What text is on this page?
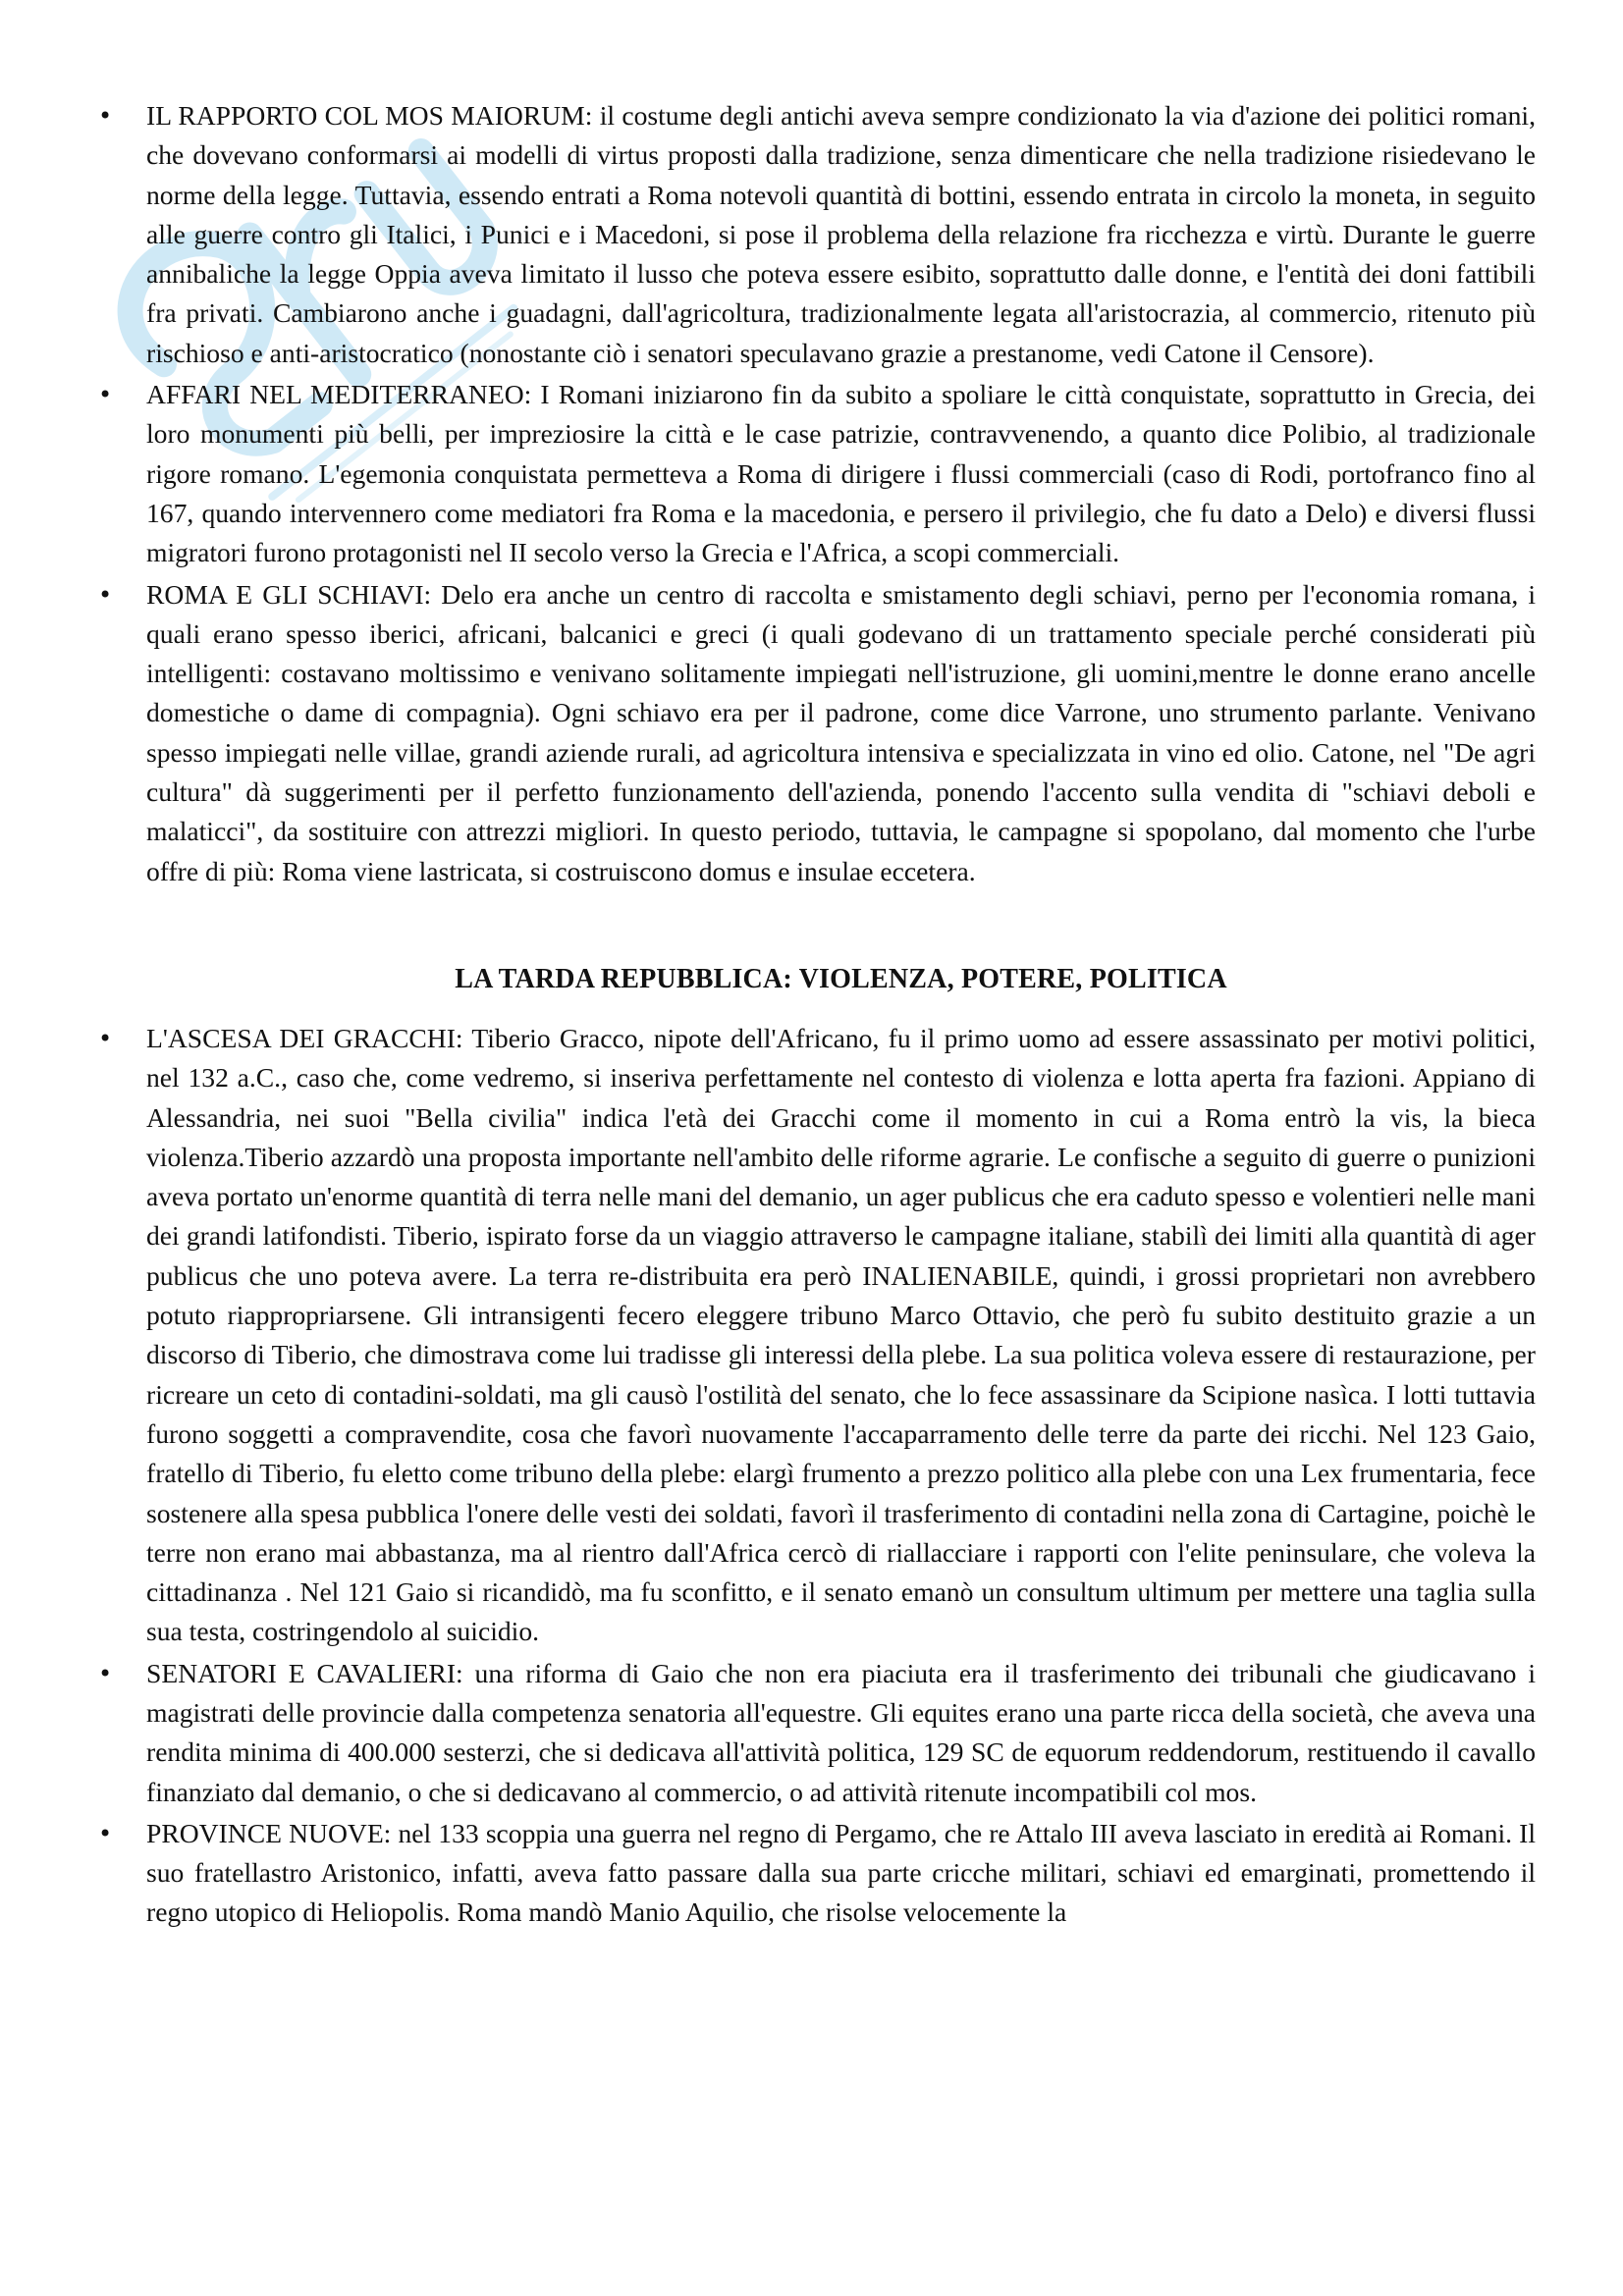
• IL RAPPORTO COL MOS MAIORUM: il costume degli antichi aveva sempre condizionato la via d'azione dei politici romani, che dovevano conformarsi ai modelli di virtus proposti dalla tradizione, senza dimenticare che nella tradizione risiedevano le norme della legge. Tuttavia, essendo entrati a Roma notevoli quantità di bottini, essendo entrata in circolo la moneta, in seguito alle guerre contro gli Italici, i Punici e i Macedoni, si pose il problema della relazione fra ricchezza e virtù. Durante le guerre annibaliche la legge Oppia aveva limitato il lusso che poteva essere esibito, soprattutto dalle donne, e l'entità dei doni fattibili fra privati. Cambiarono anche i guadagni, dall'agricoltura, tradizionalmente legata all'aristocrazia, al commercio, ritenuto più rischioso e anti-aristocratico (nonostante ciò i senatori speculavano grazie a prestanome, vedi Catone il Censore).
• AFFARI NEL MEDITERRANEO: I Romani iniziarono fin da subito a spoliare le città conquistate, soprattutto in Grecia, dei loro monumenti più belli, per impreziosire la città e le case patrizie, contravvenendo, a quanto dice Polibio, al tradizionale rigore romano. L'egemonia conquistata permetteva a Roma di dirigere i flussi commerciali (caso di Rodi, portofranco fino al 167, quando intervennero come mediatori fra Roma e la macedonia, e persero il privilegio, che fu dato a Delo) e diversi flussi migratori furono protagonisti nel II secolo verso la Grecia e l'Africa, a scopi commerciali.
• ROMA E GLI SCHIAVI: Delo era anche un centro di raccolta e smistamento degli schiavi, perno per l'economia romana, i quali erano spesso iberici, africani, balcanici e greci (i quali godevano di un trattamento speciale perché considerati più intelligenti: costavano moltissimo e venivano solitamente impiegati nell'istruzione, gli uomini,mentre le donne erano ancelle domestiche o dame di compagnia). Ogni schiavo era per il padrone, come dice Varrone, uno strumento parlante. Venivano spesso impiegati nelle villae, grandi aziende rurali, ad agricoltura intensiva e specializzata in vino ed olio. Catone, nel "De agri cultura" dà suggerimenti per il perfetto funzionamento dell'azienda, ponendo l'accento sulla vendita di "schiavi deboli e malaticci", da sostituire con attrezzi migliori. In questo periodo, tuttavia, le campagne si spopolano, dal momento che l'urbe offre di più: Roma viene lastricata, si costruiscono domus e insulae eccetera.
LA TARDA REPUBBLICA: VIOLENZA, POTERE, POLITICA
• L'ASCESA DEI GRACCHI: Tiberio Gracco, nipote dell'Africano, fu il primo uomo ad essere assassinato per motivi politici, nel 132 a.C., caso che, come vedremo, si inseriva perfettamente nel contesto di violenza e lotta aperta fra fazioni. Appiano di Alessandria, nei suoi "Bella civilia" indica l'età dei Gracchi come il momento in cui a Roma entrò la vis, la bieca violenza.Tiberio azzardò una proposta importante nell'ambito delle riforme agrarie. Le confische a seguito di guerre o punizioni aveva portato un'enorme quantità di terra nelle mani del demanio, un ager publicus che era caduto spesso e volentieri nelle mani dei grandi latifondisti. Tiberio, ispirato forse da un viaggio attraverso le campagne italiane, stabilì dei limiti alla quantità di ager publicus che uno poteva avere. La terra re-distribuita era però INALIENABILE, quindi, i grossi proprietari non avrebbero potuto riappropriarsene. Gli intransigenti fecero eleggere tribuno Marco Ottavio, che però fu subito destituito grazie a un discorso di Tiberio, che dimostrava come lui tradisse gli interessi della plebe. La sua politica voleva essere di restaurazione, per ricreare un ceto di contadini-soldati, ma gli causò l'ostilità del senato, che lo fece assassinare da Scipione nasìca. I lotti tuttavia furono soggetti a compravendite, cosa che favorì nuovamente l'accaparramento delle terre da parte dei ricchi. Nel 123 Gaio, fratello di Tiberio, fu eletto come tribuno della plebe: elargì frumento a prezzo politico alla plebe con una Lex frumentaria, fece sostenere alla spesa pubblica l'onere delle vesti dei soldati, favorì il trasferimento di contadini nella zona di Cartagine, poichè le terre non erano mai abbastanza, ma al rientro dall'Africa cercò di riallacciare i rapporti con l'elite peninsulare, che voleva la cittadinanza . Nel 121 Gaio si ricandidò, ma fu sconfitto, e il senato emanò un consultum ultimum per mettere una taglia sulla sua testa, costringendolo al suicidio.
• SENATORI E CAVALIERI: una riforma di Gaio che non era piaciuta era il trasferimento dei tribunali che giudicavano i magistrati delle provincie dalla competenza senatoria all'equestre. Gli equites erano una parte ricca della società, che aveva una rendita minima di 400.000 sesterzi, che si dedicava all'attività politica, 129 SC de equorum reddendorum, restituendo il cavallo finanziato dal demanio, o che si dedicavano al commercio, o ad attività ritenute incompatibili col mos.
• PROVINCE NUOVE: nel 133 scoppia una guerra nel regno di Pergamo, che re Attalo III aveva lasciato in eredità ai Romani. Il suo fratellastro Aristonico, infatti, aveva fatto passare dalla sua parte cricche militari, schiavi ed emarginati, promettendo il regno utopico di Heliopolis. Roma mandò Manio Aquilio, che risolse velocemente la
